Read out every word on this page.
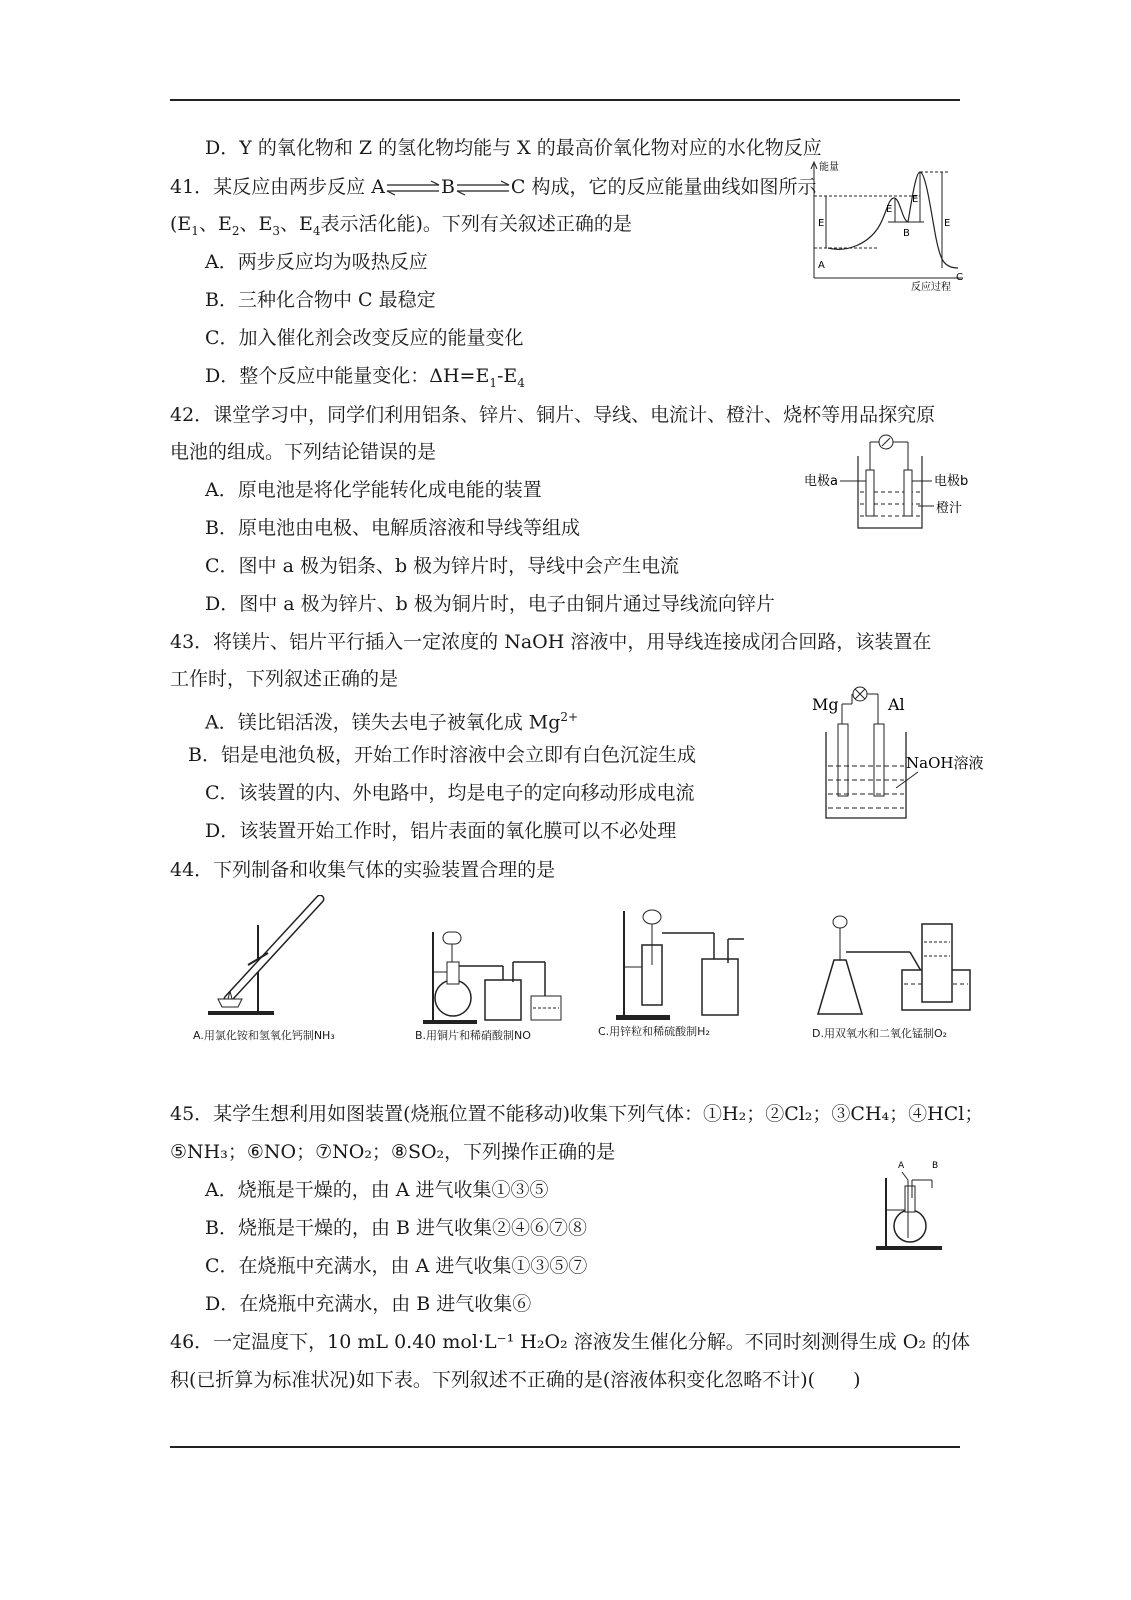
D．Y 的氧化物和 Z 的氢化物均能与 X 的最高价氧化物对应的水化物反应
41．某反应由两步反应 A	B	C 构成，它的反应能量曲线如图所示
($E_1$、$E_2$、$E_3$、$E_4$表示活化能)。下列有关叙述正确的是
A．两步反应均为吸热反应
B．三种化合物中 C 最稳定
C．加入催化剂会改变反应的能量变化
D．整个反应中能量变化：$\Delta H=E_1-E_4$
能量
反应过程
A
B
C
E
E
E
E
42．课堂学习中，同学们利用铝条、锌片、铜片、导线、电流计、橙汁、烧杯等用品探究原
电池的组成。下列结论错误的是
A．原电池是将化学能转化成电能的装置
B．原电池由电极、电解质溶液和导线等组成
C．图中 a 极为铝条、b 极为锌片时，导线中会产生电流
D．图中 a 极为锌片、b 极为铜片时，电子由铜片通过导线流向锌片
电极a	电极b
橙汁
43．将镁片、铝片平行插入一定浓度的 NaOH 溶液中，用导线连接成闭合回路，该装置在
工作时，下列叙述正确的是
A．镁比铝活泼，镁失去电子被氧化成 $Mg^{2+}$
B．铝是电池负极，开始工作时溶液中会立即有白色沉淀生成
C．该装置的内、外电路中，均是电子的定向移动形成电流
D．该装置开始工作时，铝片表面的氧化膜可以不必处理
Mg	Al
NaOH溶液
44．下列制备和收集气体的实验装置合理的是
A.用氯化铵和氢氧化钙制NH₃	B.用铜片和稀硝酸制NO	C.用锌粒和稀硫酸制H₂	D.用双氧水和二氧化锰制O₂
45．某学生想利用如图装置(烧瓶位置不能移动)收集下列气体：①H₂；②Cl₂；③CH₄；④HCl；
⑤NH₃；⑥NO；⑦NO₂；⑧SO₂，下列操作正确的是
A．烧瓶是干燥的，由 A 进气收集①③⑤
B．烧瓶是干燥的，由 B 进气收集②④⑥⑦⑧
C．在烧瓶中充满水，由 A 进气收集①③⑤⑦
D．在烧瓶中充满水，由 B 进气收集⑥
A	B
46．一定温度下，10 mL 0.40 mol·L⁻¹ H₂O₂ 溶液发生催化分解。不同时刻测得生成 O₂ 的体
积(已折算为标准状况)如下表。下列叙述不正确的是(溶液体积变化忽略不计)(　　)
